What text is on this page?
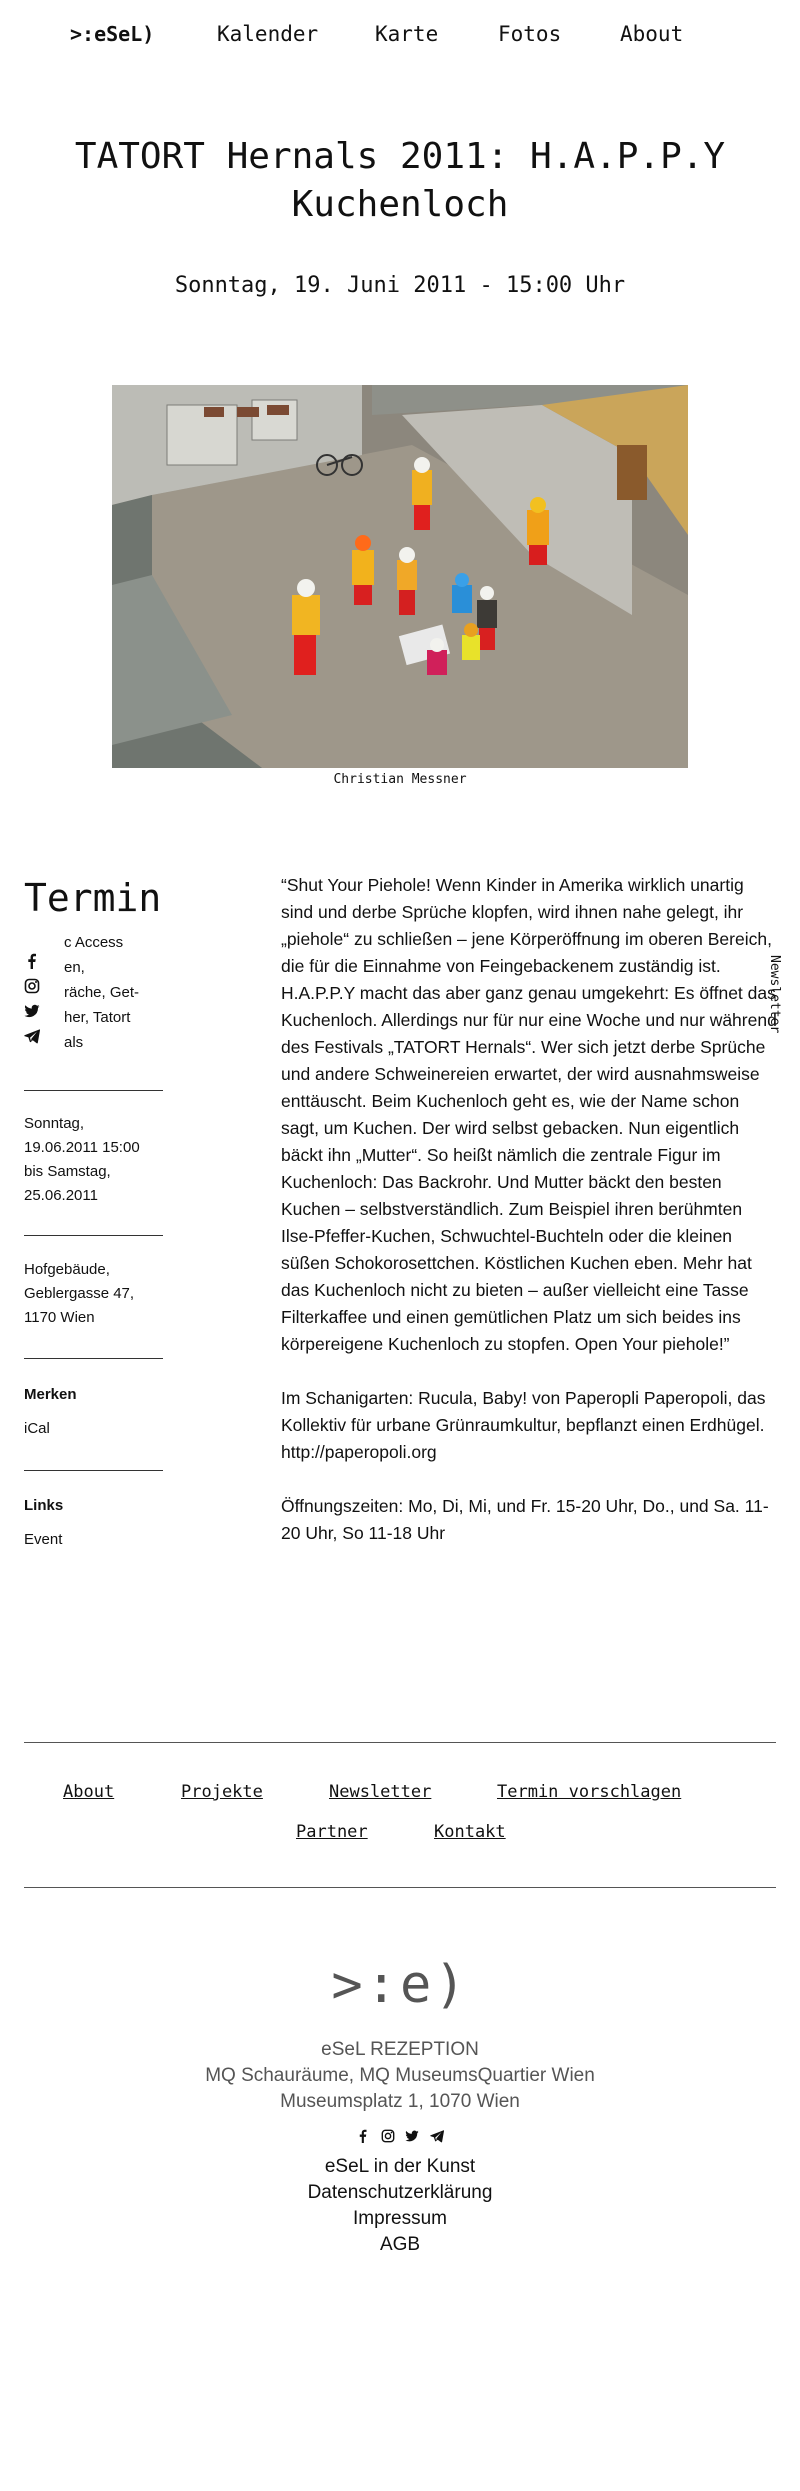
>:eSeL)	Kalender	Karte	Fotos	About
TATORT Hernals 2011: H.A.P.P.Y Kuchenloch
Sonntag, 19. Juni 2011 - 15:00 Uhr
Christian Messner
Termin
c Access
en,
räche, Get-
her, Tatort
als
Sonntag,
19.06.2011 15:00
bis Samstag,
25.06.2011
Hofgebäude,
Geblergasse 47,
1170 Wien
Merken
iCal
Links
Event

“Shut Your Piehole! Wenn Kinder in Amerika wirklich unartig sind und derbe Sprüche klopfen, wird ihnen nahe gelegt, ihr „piehole“ zu schließen – jene Körperöffnung im oberen Bereich, die für die Einnahme von Feingebackenem zuständig ist. H.A.P.P.Y macht das aber ganz genau umgekehrt: Es öffnet das Kuchenloch. Allerdings nur für nur eine Woche und nur während des Festivals „TATORT Hernals“. Wer sich jetzt derbe Sprüche und andere Schweinereien erwartet, der wird ausnahmsweise enttäuscht. Beim Kuchenloch geht es, wie der Name schon sagt, um Kuchen. Der wird selbst gebacken. Nun eigentlich bäckt ihn „Mutter“. So heißt nämlich die zentrale Figur im Kuchenloch: Das Backrohr. Und Mutter bäckt den besten Kuchen – selbstverständlich. Zum Beispiel ihren berühmten Ilse-Pfeffer-Kuchen, Schwuchtel-Buchteln oder die kleinen süßen Schokorosettchen. Köstlichen Kuchen eben. Mehr hat das Kuchenloch nicht zu bieten – außer vielleicht eine Tasse Filterkaffee und einen gemütlichen Platz um sich beides ins körpereigene Kuchenloch zu stopfen. Open Your piehole!”

Im Schanigarten: Rucula, Baby! von Paperopli Paperopoli, das Kollektiv für urbane Grünraumkultur, bepflanzt einen Erdhügel. http://paperopoli.org

Öffnungszeiten: Mo, Di, Mi, und Fr. 15-20 Uhr, Do., und Sa. 11-20 Uhr, So 11-18 Uhr

Newsletter
About	Projekte	Newsletter	Termin vorschlagen
Partner	Kontakt
>:e)
eSeL REZEPTION
MQ Schauräume, MQ MuseumsQuartier Wien
Museumsplatz 1, 1070 Wien

eSeL in der Kunst
Datenschutzerklärung
Impressum
AGB
